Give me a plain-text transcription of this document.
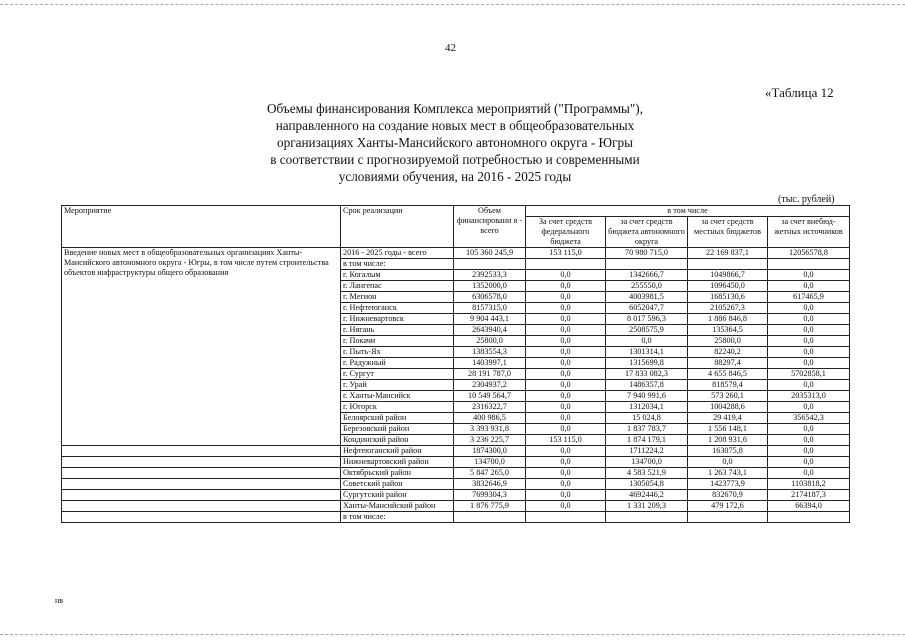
42
«Таблица 12
Объемы финансирования Комплекса мероприятий ("Программы"),
направленного на создание новых мест в общеобразовательных
организациях Ханты-Мансийского автономного округа - Югры
в соответствии с прогнозируемой потребностью и современными
условиями обучения, на 2016 - 2025 годы
(тыс. рублей)
Мероприятие	Срок реализации	Объем финансировани я - всего	в том числе			
			За счет средств федерального бюджета	за счет средств бюджета автономного округа	за счет средств местных бюджетов	за счет внебюд- жетных источников
Введение новых мест в общеобразовательных организациях Ханты-Мансийского автономного округа - Югры, в том числе путем строительства объектов инфраструктуры общего образования	2016 - 2025 годы - всего	105 360 245,9	153 115,0	70 980 715,0	22 169 837,1	12056578,8
	в том числе:					
	г. Когалым	2392533,3	0,0	1342666,7	1049866,7	0,0
	г. Лангепас	1352000,0	0,0	255550,0	1096450,0	0,0
	г. Мегион	6306578,0	0,0	4003981,5	1685130,6	617465,9
	г. Нефтеюганск	8157315,0	0,0	6052047,7	2105267,3	0,0
	г. Нижневартовск	9 904 443,1	0,0	8 017 596,3	1 886 846,8	0,0
	г. Нягань	2643940,4	0,0	2508575,9	135364,5	0,0
	г. Покачи	25800,0	0,0	0,0	25800,0	0,0
	г. Пыть-Ях	1383554,3	0,0	1301314,1	82240,2	0,0
	г. Радужный	1403997,1	0,0	1315699,8	88297,4	0,0
	г. Сургут	28 191 787,0	0,0	17 833 082,3	4 655 846,5	5702858,1
	г. Урай	2304937,2	0,0	1486357,8	818579,4	0,0
	г. Ханты-Мансийск	10 549 564,7	0,0	7 940 991,6	573 260,1	2035313,0
	г. Югорск	2316322,7	0,0	1312034,1	1004288,6	0,0
	Белоярский район	400 986,5	0,0	15 024,8	29 419,4	356542,3
	Березовский район	3 393 931,8	0,0	1 837 783,7	1 556 148,1	0,0
	Кондинский район	3 236 225,7	153 115,0	1 874 179,1	1 208 931,6	0,0
	Нефтеюганский район	1874300,0	0,0	1711224,2	163075,8	0,0
	Нижневартовский район	134700,0	0,0	134700,0	0,0	0,0
	Октябрьский район	5 847 265,0	0,0	4 583 521,9	1 263 743,1	0,0
	Советский район	3832646,9	0,0	1305054,8	1423773,9	1103818,2
	Сургутский район	7699304,3	0,0	4692446,2	832670,9	2174187,3
	Ханты-Мансийский район	1 876 775,9	0,0	1 331 209,3	479 172,6	66394,0
	в том числе:					
нв
